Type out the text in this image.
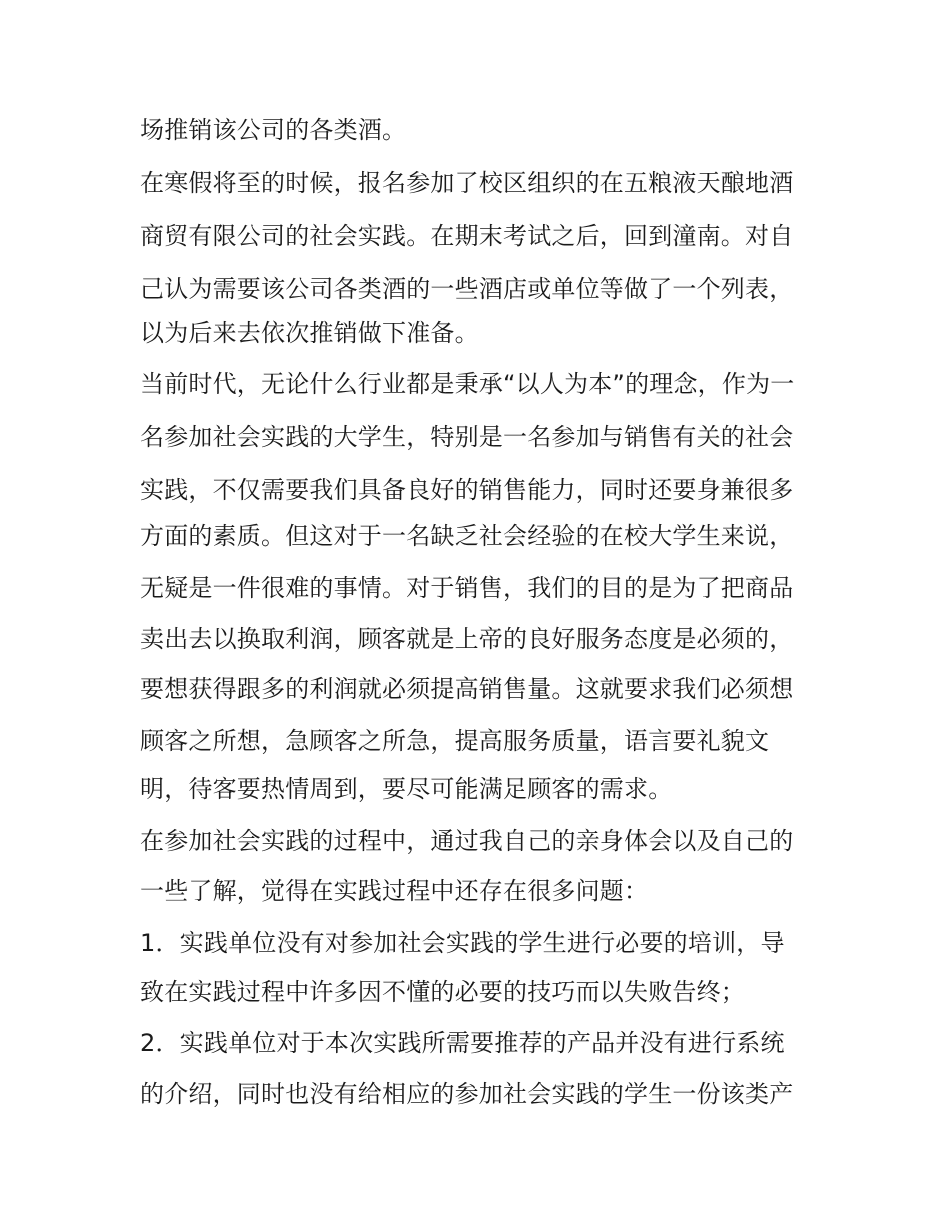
场推销该公司的各类酒。
在寒假将至的时候，报名参加了校区组织的在五粮液天酿地酒
商贸有限公司的社会实践。在期末考试之后，回到潼南。对自
己认为需要该公司各类酒的一些酒店或单位等做了一个列表，
以为后来去依次推销做下准备。
当前时代，无论什么行业都是秉承“以人为本”的理念，作为一
名参加社会实践的大学生，特别是一名参加与销售有关的社会
实践，不仅需要我们具备良好的销售能力，同时还要身兼很多
方面的素质。但这对于一名缺乏社会经验的在校大学生来说，
无疑是一件很难的事情。对于销售，我们的目的是为了把商品
卖出去以换取利润，顾客就是上帝的良好服务态度是必须的，
要想获得跟多的利润就必须提高销售量。这就要求我们必须想
顾客之所想，急顾客之所急，提高服务质量，语言要礼貌文
明，待客要热情周到，要尽可能满足顾客的需求。
在参加社会实践的过程中，通过我自己的亲身体会以及自己的
一些了解，觉得在实践过程中还存在很多问题：
1．实践单位没有对参加社会实践的学生进行必要的培训，导
致在实践过程中许多因不懂的必要的技巧而以失败告终；
2．实践单位对于本次实践所需要推荐的产品并没有进行系统
的介绍，同时也没有给相应的参加社会实践的学生一份该类产
